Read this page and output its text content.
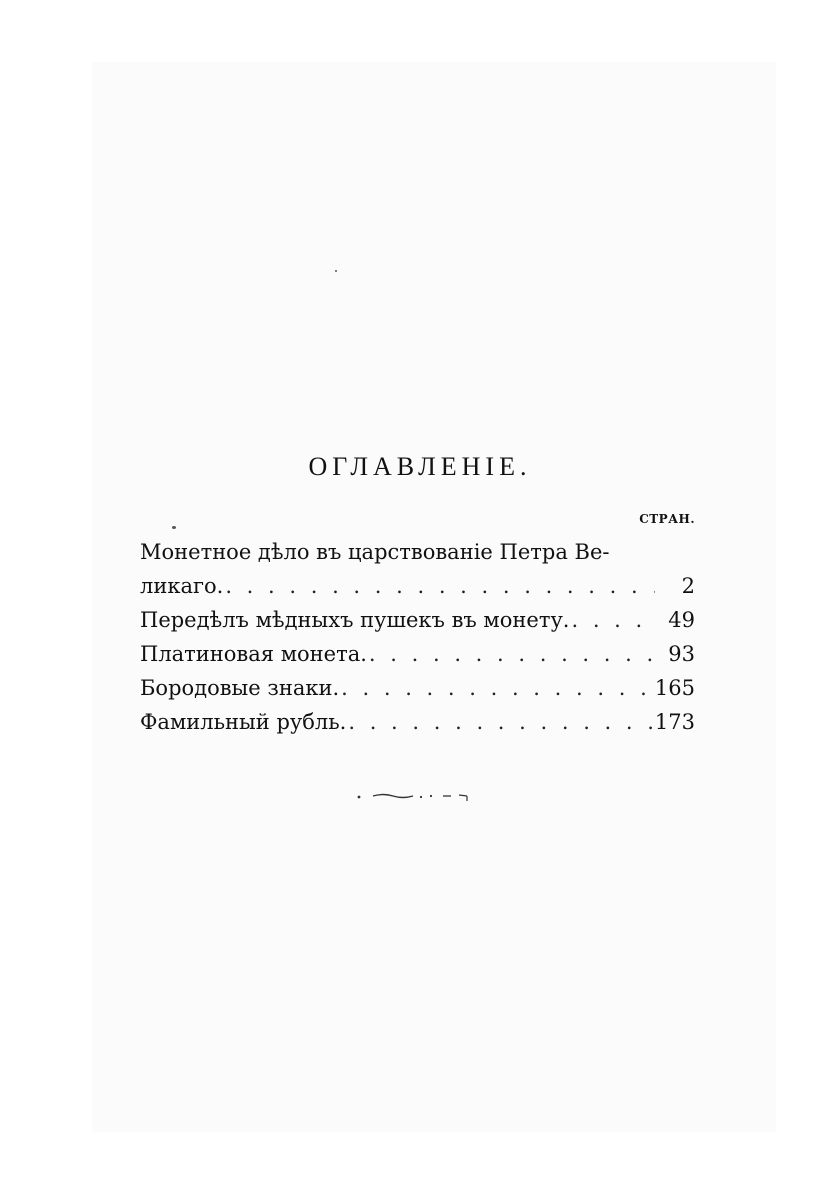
ОГЛАВЛЕНІЕ.
СТРАН.
Монетное дѣло въ царствованіе Петра Ве-
ликаго. . . .	2
Передѣлъ мѣдныхъ пушекъ въ монету. . . .	49
Платиновая монета. . . .	93
Бородовые знаки. . . .	165
Фамильный рубль. . . .	173
